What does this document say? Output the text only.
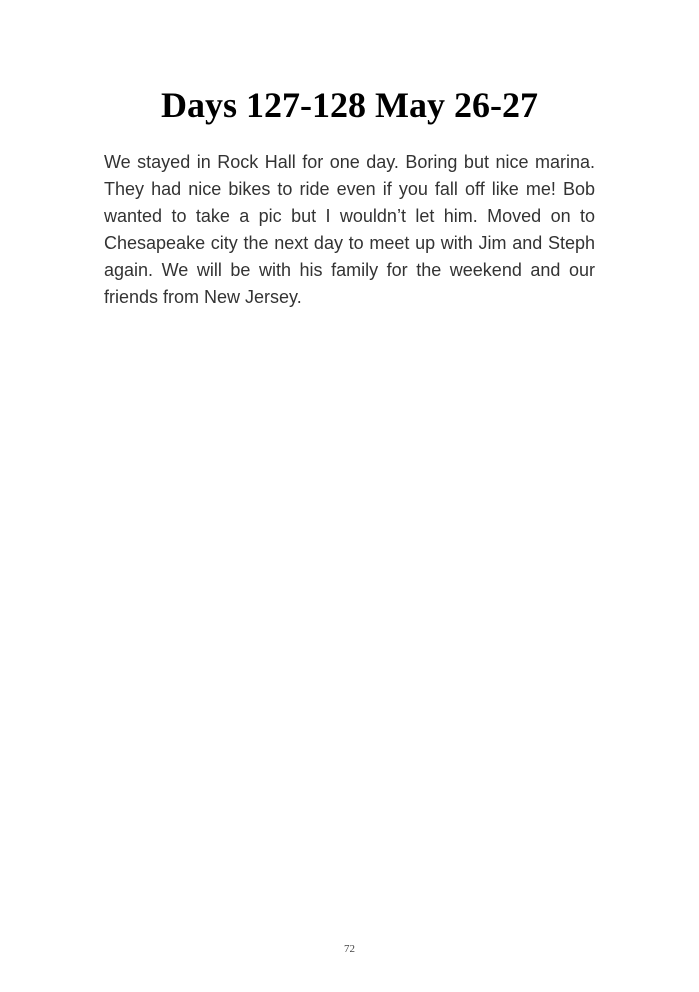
Days 127-128 May 26-27

We stayed in Rock Hall for one day. Boring but nice marina. They had nice bikes to ride even if you fall off like me! Bob wanted to take a pic but I wouldn’t let him. Moved on to Chesapeake city the next day to meet up with Jim and Steph again. We will be with his family for the weekend and our friends from New Jersey.

72
